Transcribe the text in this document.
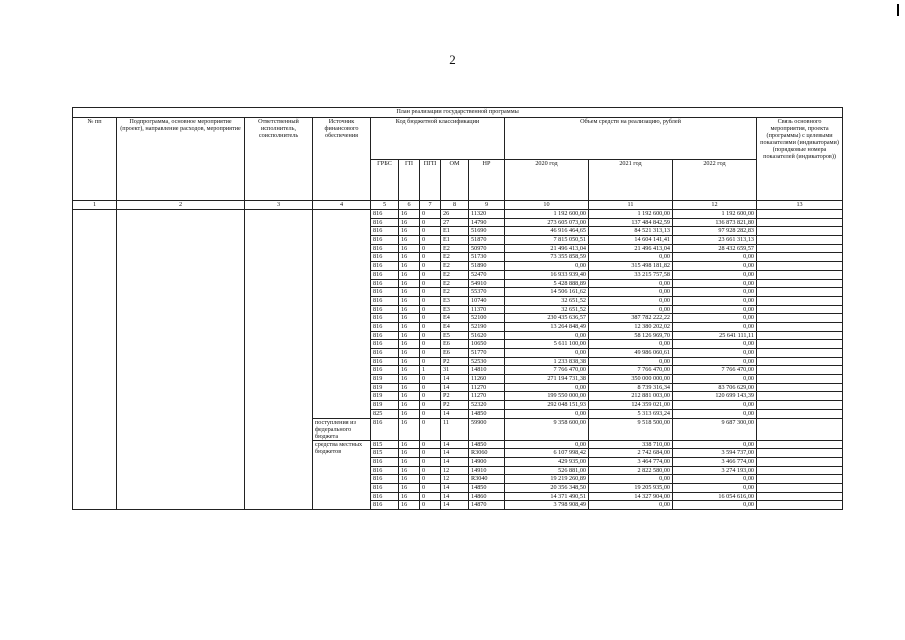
2
План реализации государственной программы												
№ пп	Подпрограмма, основное мероприятие (проект), направление расходов, мероприятие	Ответственный исполнитель, соисполнитель	Источник финансового обеспечения	Код бюджетной классификации					Объем средств на реализацию, рублей			Связь основного мероприятия, проекта (программы) с целевыми показателями (индикаторами) (порядковые номера показателей (индикаторов))
				ГРБС	ГП	ПГП	ОМ	НР	2020 год	2021 год	2022 год	
1	2	3	4	5	6	7	8	9	10	11	12	13
				816	16	0	26	11320	1 192 600,00	1 192 600,00	1 192 600,00	
				816	16	0	27	14790	273 605 073,00	137 484 842,59	136 873 821,80	
				816	16	0	E1	51690	46 916 464,65	84 521 313,13	97 928 282,83	
				816	16	0	E1	51870	7 815 050,51	14 604 141,41	23 661 313,13	
				816	16	0	E2	50970	21 496 413,04	21 496 413,04	28 432 659,57	
				816	16	0	E2	51730	73 355 858,59	0,00	0,00	
				816	16	0	E2	51890	0,00	315 498 181,82	0,00	
				816	16	0	E2	52470	16 933 939,40	33 215 757,58	0,00	
				816	16	0	E2	54910	5 428 888,89	0,00	0,00	
				816	16	0	E2	55370	14 506 161,62	0,00	0,00	
				816	16	0	E3	10740	32 651,52	0,00	0,00	
				816	16	0	E3	11370	32 651,52	0,00	0,00	
				816	16	0	E4	52100	230 435 636,57	387 782 222,22	0,00	
				816	16	0	E4	52190	13 264 848,49	12 380 202,02	0,00	
				816	16	0	E5	51620	0,00	58 126 969,70	25 641 111,11	
				816	16	0	E6	10650	5 611 100,00	0,00	0,00	
				816	16	0	E6	51770	0,00	49 986 060,61	0,00	
				816	16	0	P2	52530	1 233 838,38	0,00	0,00	
				816	16	1	31	14810	7 766 470,00	7 766 470,00	7 766 470,00	
				819	16	0	14	11260	271 194 731,38	350 000 000,00	0,00	
				819	16	0	14	11270	0,00	8 739 316,34	83 706 629,00	
				819	16	0	P2	11270	199 550 000,00	212 881 003,00	120 699 143,39	
				819	16	0	P2	52320	292 048 151,93	124 359 021,00	0,00	
				825	16	0	14	14850	0,00	5 313 693,24	0,00	
			поступления из федерального бюджета	816	16	0	11	59900	9 358 600,00	9 518 500,00	9 687 300,00	
			средства местных бюджетов	815	16	0	14	14850	0,00	338 710,00	0,00	
				815	16	0	14	R3060	6 107 998,42	2 742 684,00	3 594 737,00	
				816	16	0	14	14900	429 935,00	3 464 774,00	3 466 774,00	
				816	16	0	12	14910	526 881,00	2 822 580,00	3 274 193,00	
				816	16	0	12	R3040	19 219 260,89	0,00	0,00	
				816	16	0	14	14850	20 356 348,50	19 205 935,00	0,00	
				816	16	0	14	14860	14 371 490,51	14 327 904,00	16 054 616,00	
				816	16	0	14	14870	3 798 908,49	0,00	0,00	
